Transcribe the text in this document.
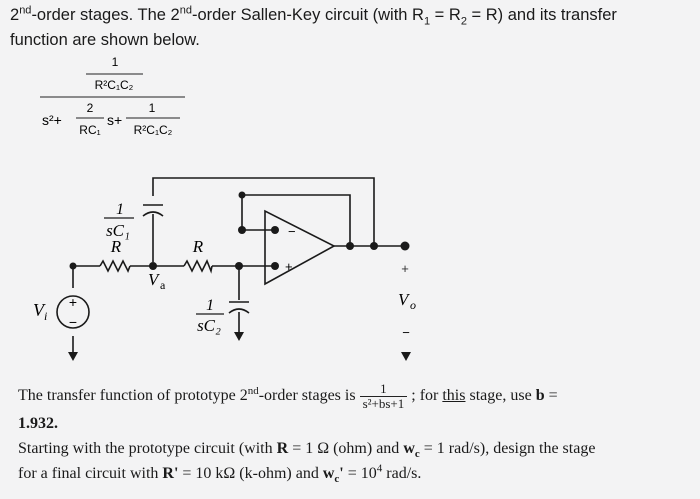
2nd-order stages. The 2nd-order Sallen-Key circuit (with $R_1 = R_2 = R$) and its transfer
function are shown below.
1
R²C₁C₂
s²+
2
RC₁
s+
1
R²C₁C₂
1
sC₁
R	R
V a
V i
+
−
1
sC₂
−
+	+
V o
−
The transfer function of prototype 2nd-order stages is $\frac{1}{\text{s²+bs+1}}$ ; for this stage, use b =
1.932.
Starting with the prototype circuit (with R = 1 Ω (ohm) and $w_c = 1$ rad/s), design the stage
for a final circuit with R' = 10 kΩ (k-ohm) and $w_c' = 10^4$ rad/s.
